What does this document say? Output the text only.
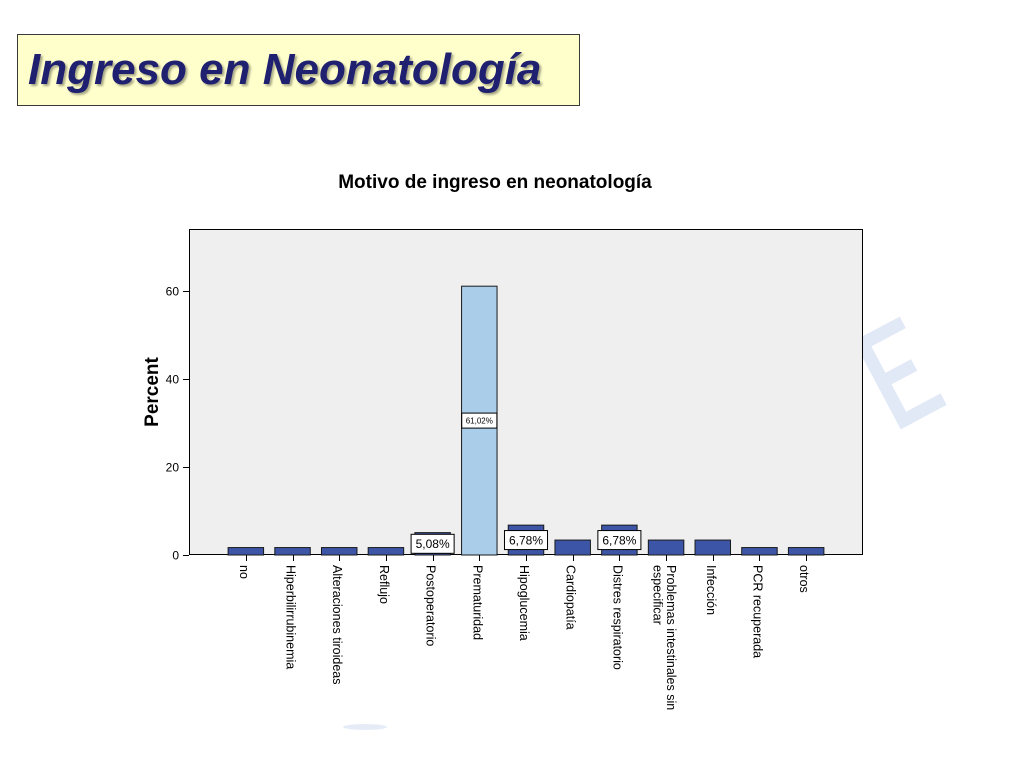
Motivo de ingreso en neonatología
Percent
0
20
40
60
no	Hiperbilirrubinemia	Alteraciones tiroideas	Reflujo	Postoperatorio	Prematuridad	Hipoglucemia	Cardiopatía	Distres respiratorio	Problemas intestinales sinespecificar	Infección	PCR recuperada	otros
5,08%
61,02%
6,78%	6,78%
Ingreso en Neonatología
